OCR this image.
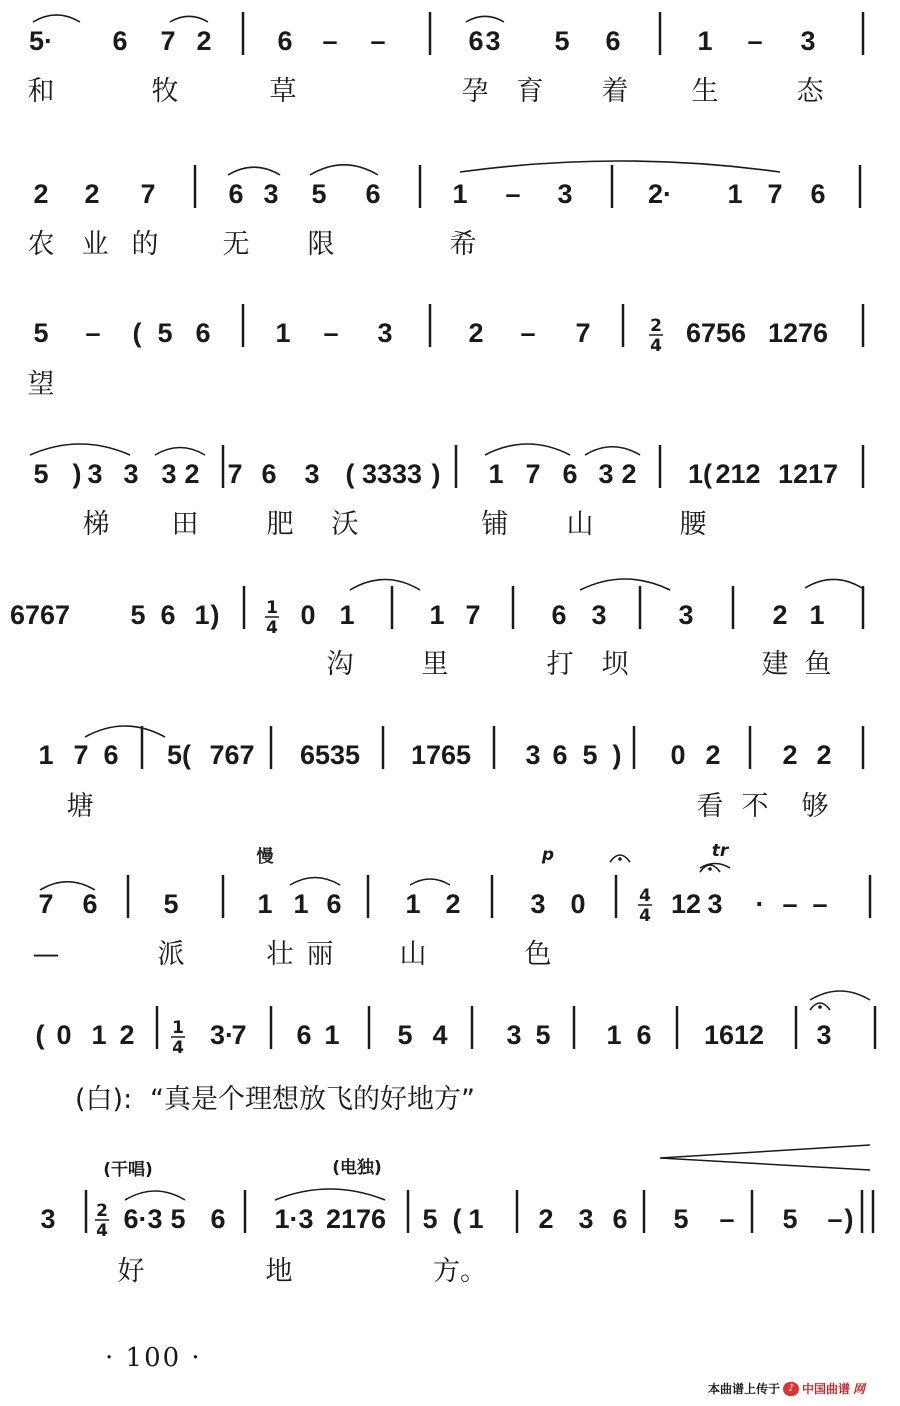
(白): “真是个理想放飞的好地方”
5· 6 7 2 6 – –	6 3 5 6	1 – 3
和	牧	草	孕 育 着 生	态
2 2 7	6 3 5 6	1 – 3	2· 1 7 6
农 业 的 无 限	希
5 – ( 5 6 1 – 3	2 – 7	6756 1276
望
2
4
5 ) 3 3 3 2 7 6 3 ( 3333 ) 1 7 6 3 2 1( 212 1217
梯 田	肥 沃	铺 山	腰
6767 5 6 1 )	0 1	1 7	6 3	3	2 1
沟	里	打 坝	建 鱼
1
4
1 7 6 5( 767 6535 1765 3 6 5 ) 0 2 2 2
塘	看 不 够
7 6 5	1 1 6 1 2	3 0	12 3 · – –
—	派	壮 丽 山	色
4
4
( 0 1 2	3·
7 6 1 5 4 3 5 1 6 1612 3
1
4
3	6·3 5 6 1·3 2176 5 ( 1 2 3 6 5 – 5 – )
好	地	方。
2
4
慢	p	tr
(干唱)	(电独)
· 100 ·
本曲谱上传于 ♪ 中国曲谱 网
